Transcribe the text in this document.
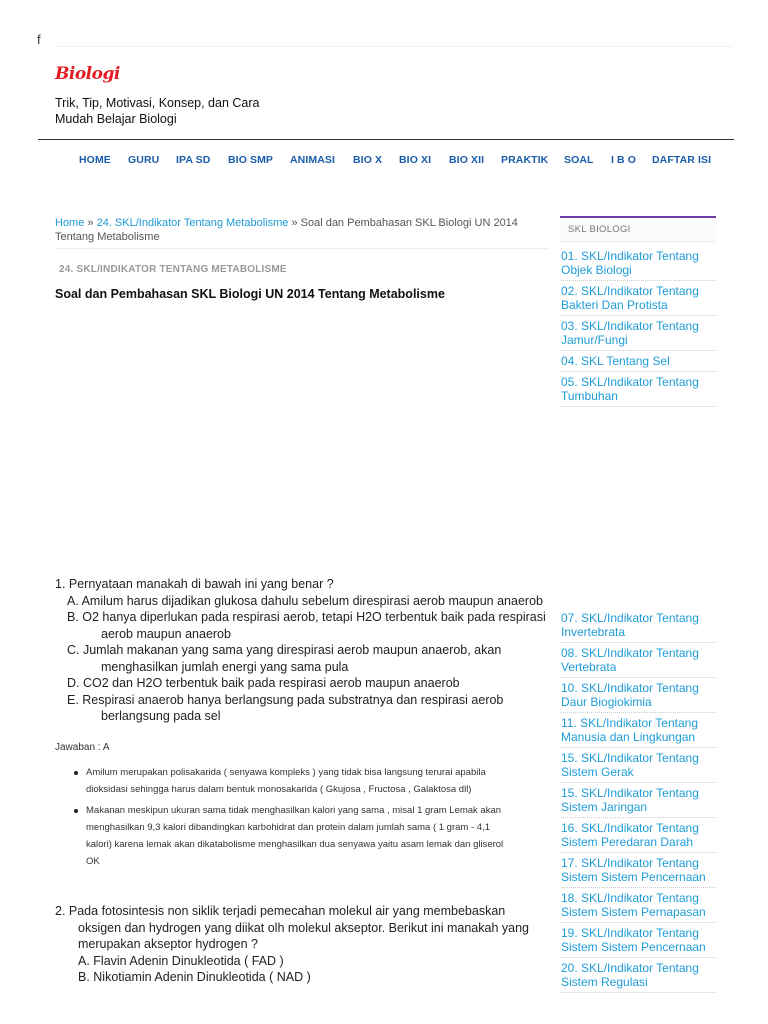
f
Biologi
Trik, Tip, Motivasi, Konsep, dan Cara Mudah Belajar Biologi
HOME GURU IPA SD BIO SMP ANIMASI BIO X BIO XI BIO XII PRAKTIK SOAL I B O DAFTAR ISI
Home » 24. SKL/Indikator Tentang Metabolisme » Soal dan Pembahasan SKL Biologi UN 2014 Tentang Metabolisme
24. SKL/INDIKATOR TENTANG METABOLISME
Soal dan Pembahasan SKL Biologi UN 2014 Tentang Metabolisme
1. Pernyataan manakah di bawah ini yang benar ?
A. Amilum harus dijadikan glukosa dahulu sebelum direspirasi aerob maupun anaerob
B. O2 hanya diperlukan pada respirasi aerob, tetapi H2O terbentuk baik pada respirasi
aerob maupun anaerob
C. Jumlah makanan yang sama yang direspirasi aerob maupun anaerob, akan
menghasilkan jumlah energi yang sama pula
D. CO2 dan H2O terbentuk baik pada respirasi aerob maupun anaerob
E. Respirasi anaerob hanya berlangsung pada substratnya dan respirasi aerob
berlangsung pada sel
Jawaban : A
Amilum merupakan polisakarida ( senyawa kompleks ) yang tidak bisa langsung terurai apabila dioksidasi sehingga harus dalam bentuk monosakarida ( Gkujosa , Fructosa , Galaktosa dll)
Makanan meskipun ukuran sama tidak menghasilkan kalori yang sama , misal 1 gram Lemak akan menghasilkan 9,3 kalori dibandingkan karbohidrat dan protein dalam jumlah sama ( 1 gram - 4,1 kalori) karena lemak akan dikatabolisme menghasilkan dua senyawa yaitu asam lemak dan gliserol OK
2. Pada fotosintesis non siklik terjadi pemecahan molekul air yang membebaskan
oksigen dan hydrogen yang diikat olh molekul akseptor. Berikut ini manakah yang
merupakan akseptor hydrogen ?
A. Flavin Adenin Dinukleotida ( FAD )
B. Nikotiamin Adenin Dinukleotida ( NAD )
SKL BIOLOGI
01. SKL/Indikator Tentang Objek Biologi
02. SKL/Indikator Tentang Bakteri Dan Protista
03. SKL/Indikator Tentang Jamur/Fungi
04. SKL Tentang Sel
05. SKL/Indikator Tentang Tumbuhan
07. SKL/Indikator Tentang Invertebrata
08. SKL/Indikator Tentang Vertebrata
10. SKL/Indikator Tentang Daur Biogiokimia
11. SKL/Indikator Tentang Manusia dan Lingkungan
15. SKL/Indikator Tentang Sistem Gerak
15. SKL/Indikator Tentang Sistem Jaringan
16. SKL/Indikator Tentang Sistem Peredaran Darah
17. SKL/Indikator Tentang Sistem Sistem Pencernaan
18. SKL/Indikator Tentang Sistem Sistem Pernapasan
19. SKL/Indikator Tentang Sistem Sistem Pencernaan
20. SKL/Indikator Tentang Sistem Regulasi
